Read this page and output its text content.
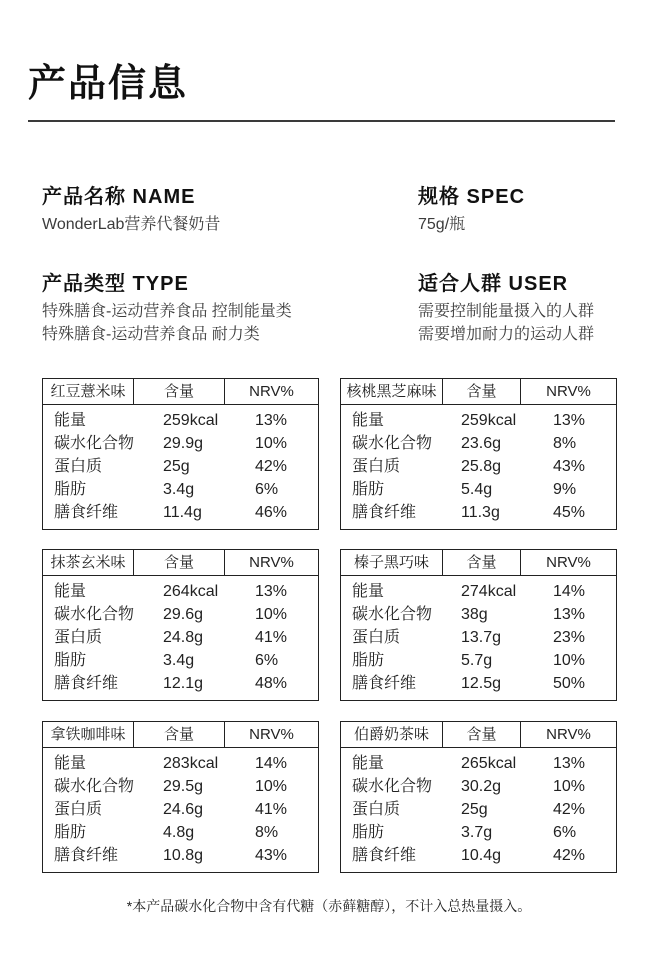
产品信息
产品名称 NAME
WonderLab营养代餐奶昔
规格 SPEC
75g/瓶
产品类型 TYPE
特殊膳食-运动营养食品 控制能量类
特殊膳食-运动营养食品 耐力类
适合人群 USER
需要控制能量摄入的人群
需要增加耐力的运动人群
红豆薏米味	含量	NRV%
能量	259kcal	13%
碳水化合物	29.9g	10%
蛋白质	25g	42%
脂肪	3.4g	6%
膳食纤维	11.4g	46%
核桃黑芝麻味	含量	NRV%
能量	259kcal	13%
碳水化合物	23.6g	8%
蛋白质	25.8g	43%
脂肪	5.4g	9%
膳食纤维	11.3g	45%
抹茶玄米味	含量	NRV%
能量	264kcal	13%
碳水化合物	29.6g	10%
蛋白质	24.8g	41%
脂肪	3.4g	6%
膳食纤维	12.1g	48%
榛子黑巧味	含量	NRV%
能量	274kcal	14%
碳水化合物	38g	13%
蛋白质	13.7g	23%
脂肪	5.7g	10%
膳食纤维	12.5g	50%
拿铁咖啡味	含量	NRV%
能量	283kcal	14%
碳水化合物	29.5g	10%
蛋白质	24.6g	41%
脂肪	4.8g	8%
膳食纤维	10.8g	43%
伯爵奶茶味	含量	NRV%
能量	265kcal	13%
碳水化合物	30.2g	10%
蛋白质	25g	42%
脂肪	3.7g	6%
膳食纤维	10.4g	42%
*本产品碳水化合物中含有代糖（赤藓糖醇），不计入总热量摄入。
